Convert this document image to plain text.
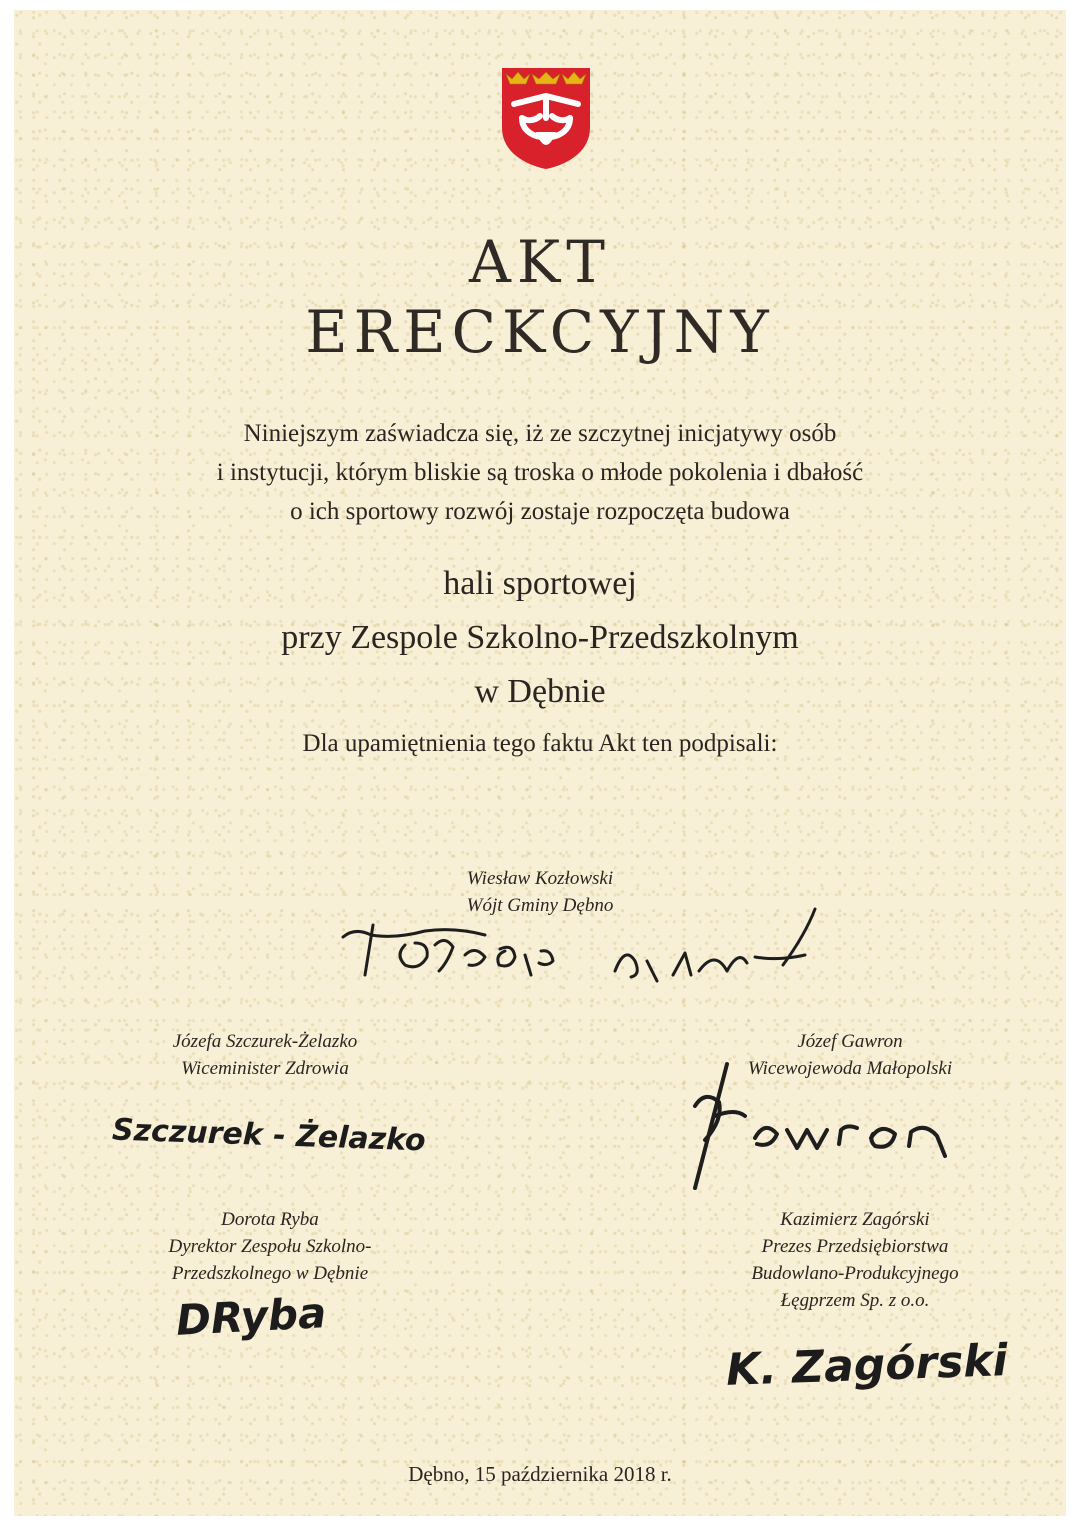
AKT
ERECKCYJNY
Niniejszym zaświadcza się, iż ze szczytnej inicjatywy osób
i instytucji, którym bliskie są troska o młode pokolenia i dbałość
o ich sportowy rozwój zostaje rozpoczęta budowa
hali sportowej
przy Zespole Szkolno-Przedszkolnym
w Dębnie
Dla upamiętnienia tego faktu Akt ten podpisali:
Wiesław Kozłowski
Wójt Gminy Dębno
Józefa Szczurek-Żelazko
Wiceminister Zdrowia
Szczurek - Żelazko
Józef Gawron
Wicewojewoda Małopolski
Dorota Ryba
Dyrektor Zespołu Szkolno-
Przedszkolnego w Dębnie
DRyba
Kazimierz Zagórski
Prezes Przedsiębiorstwa
Budowlano-Produkcyjnego
Łęgprzem Sp. z o.o.
K. Zagórski
Dębno, 15 października 2018 r.
